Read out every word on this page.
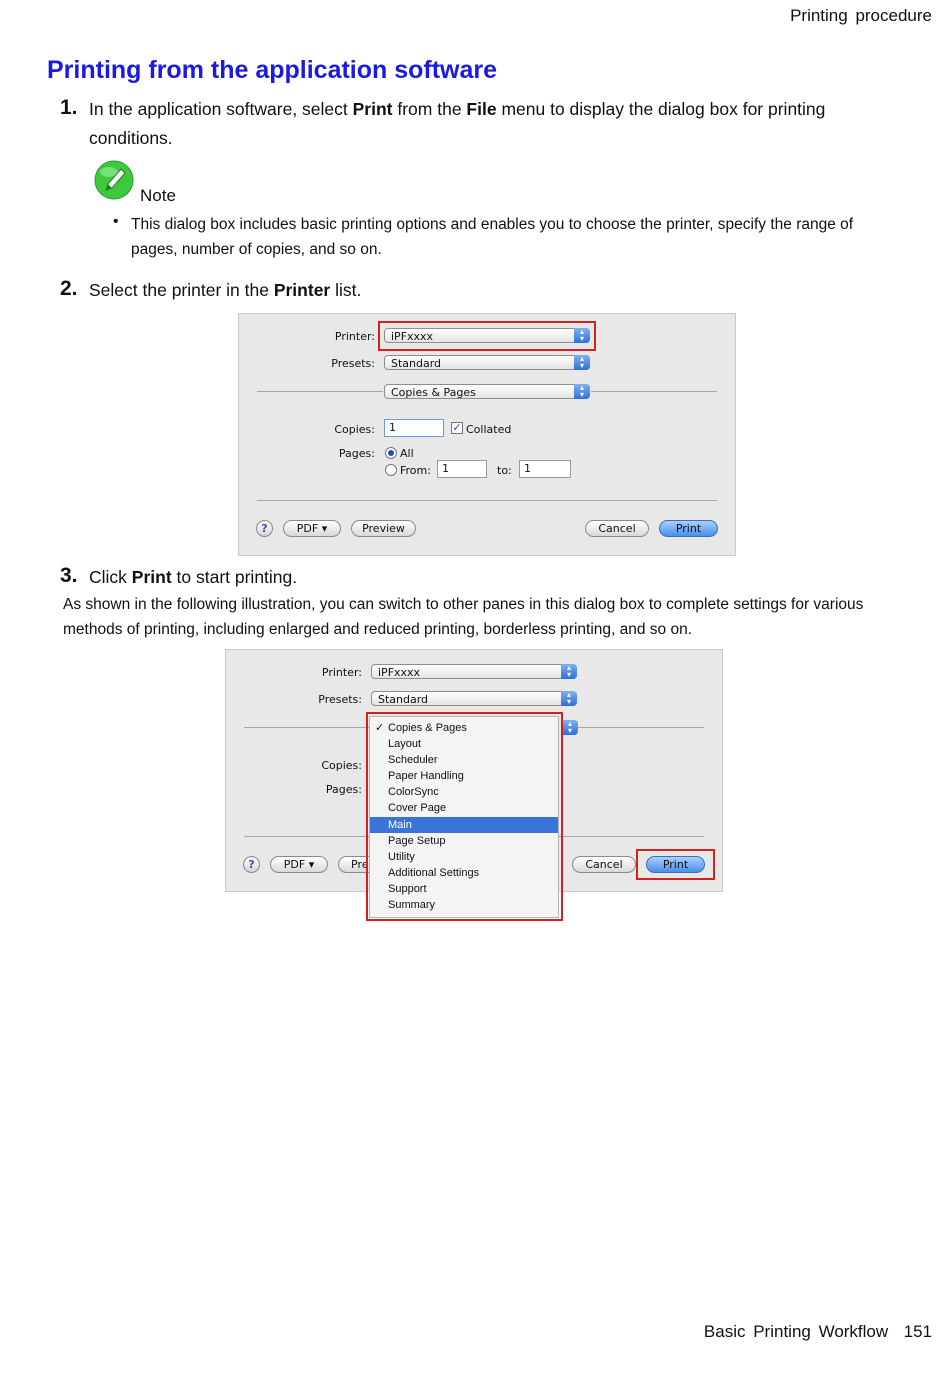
Printing procedure
Printing from the application software
1. In the application software, select Print from the File menu to display the dialog box for printing
conditions.
Note
• This dialog box includes basic printing options and enables you to choose the printer, specify the range of pages, number of copies, and so on.
2. Select the printer in the Printer list.
Printer:	iPFxxxx	▴
▾
Presets:	Standard	▴
▾
Copies & Pages	▴
▾
Copies:	1	✓ Collated
Pages: All
From:	1	to:	1
?	PDF ▾	Preview	Cancel	Print
3. Click Print to start printing.
As shown in the following illustration, you can switch to other panes in this dialog box to complete settings for various methods of printing, including enlarged and reduced printing, borderless printing, and so on.
Printer:	iPFxxxx	▴
▾
Presets:	Standard	▴
▾
▴
▾
Copies:
Pages:
?	PDF ▾	Pre	Cancel	Print
✓ Copies & Pages
Layout
Scheduler
Paper Handling
ColorSync
Cover Page
Main
Page Setup
Utility
Additional Settings
Support
Summary
Basic Printing Workflow 151
